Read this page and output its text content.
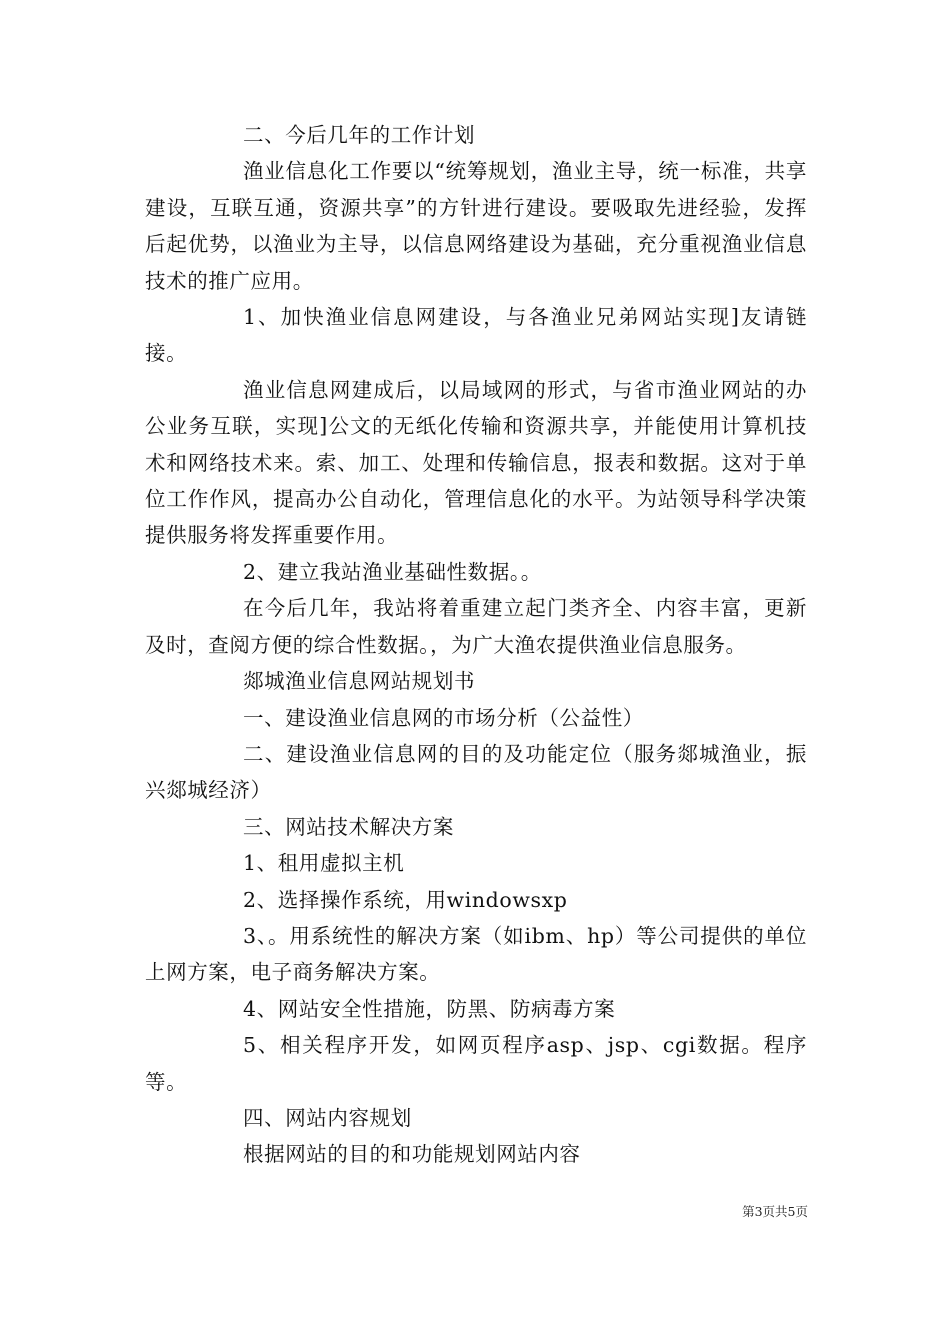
二、今后几年的工作计划

渔业信息化工作要以“统筹规划，渔业主导，统一标准，共享建设，互联互通，资源共享”的方针进行建设。要吸取先进经验，发挥后起优势，以渔业为主导，以信息网络建设为基础，充分重视渔业信息技术的推广应用。

1、加快渔业信息网建设，与各渔业兄弟网站实现]友请链接。

渔业信息网建成后，以局域网的形式，与省市渔业网站的办公业务互联，实现]公文的无纸化传输和资源共享，并能使用计算机技术和网络技术来。索、加工、处理和传输信息，报表和数据。这对于单位工作作风，提高办公自动化，管理信息化的水平。为站领导科学决策提供服务将发挥重要作用。

2、建立我站渔业基础性数据。。

在今后几年，我站将着重建立起门类齐全、内容丰富，更新及时，查阅方便的综合性数据。，为广大渔农提供渔业信息服务。

郯城渔业信息网站规划书

一、建设渔业信息网的市场分析（公益性）

二、建设渔业信息网的目的及功能定位（服务郯城渔业，振兴郯城经济）

三、网站技术解决方案

1、租用虚拟主机

2、选择操作系统，用windowsxp

3、。用系统性的解决方案（如ibm、hp）等公司提供的单位上网方案，电子商务解决方案。

4、网站安全性措施，防黑、防病毒方案

5、相关程序开发，如网页程序asp、jsp、cgi数据。程序等。

四、网站内容规划

根据网站的目的和功能规划网站内容

第3页共5页
